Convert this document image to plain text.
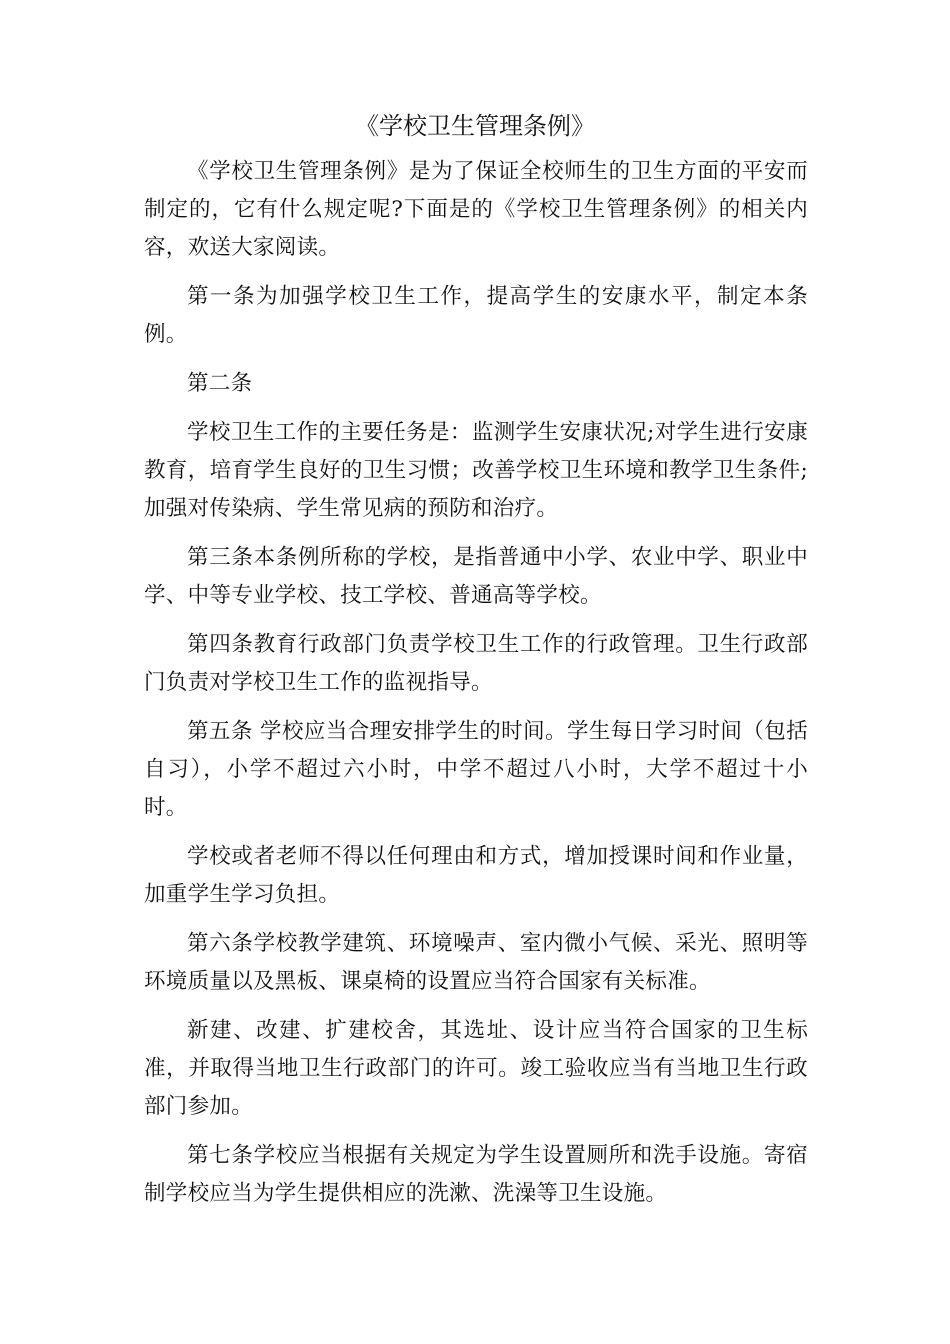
《学校卫生管理条例》

《学校卫生管理条例》是为了保证全校师生的卫生方面的平安而制定的，它有什么规定呢?下面是的《学校卫生管理条例》的相关内容，欢送大家阅读。

第一条为加强学校卫生工作，提高学生的安康水平，制定本条例。

第二条

学校卫生工作的主要任务是：监测学生安康状况;对学生进行安康教育，培育学生良好的卫生习惯；改善学校卫生环境和教学卫生条件;加强对传染病、学生常见病的预防和治疗。

第三条本条例所称的学校，是指普通中小学、农业中学、职业中学、中等专业学校、技工学校、普通高等学校。

第四条教育行政部门负责学校卫生工作的行政管理。卫生行政部门负责对学校卫生工作的监视指导。

第五条 学校应当合理安排学生的时间。学生每日学习时间（包括自习），小学不超过六小时，中学不超过八小时，大学不超过十小时。

学校或者老师不得以任何理由和方式，增加授课时间和作业量，加重学生学习负担。

第六条学校教学建筑、环境噪声、室内微小气候、采光、照明等环境质量以及黑板、课桌椅的设置应当符合国家有关标准。

新建、改建、扩建校舍，其选址、设计应当符合国家的卫生标准，并取得当地卫生行政部门的许可。竣工验收应当有当地卫生行政部门参加。

第七条学校应当根据有关规定为学生设置厕所和洗手设施。寄宿制学校应当为学生提供相应的洗漱、洗澡等卫生设施。
